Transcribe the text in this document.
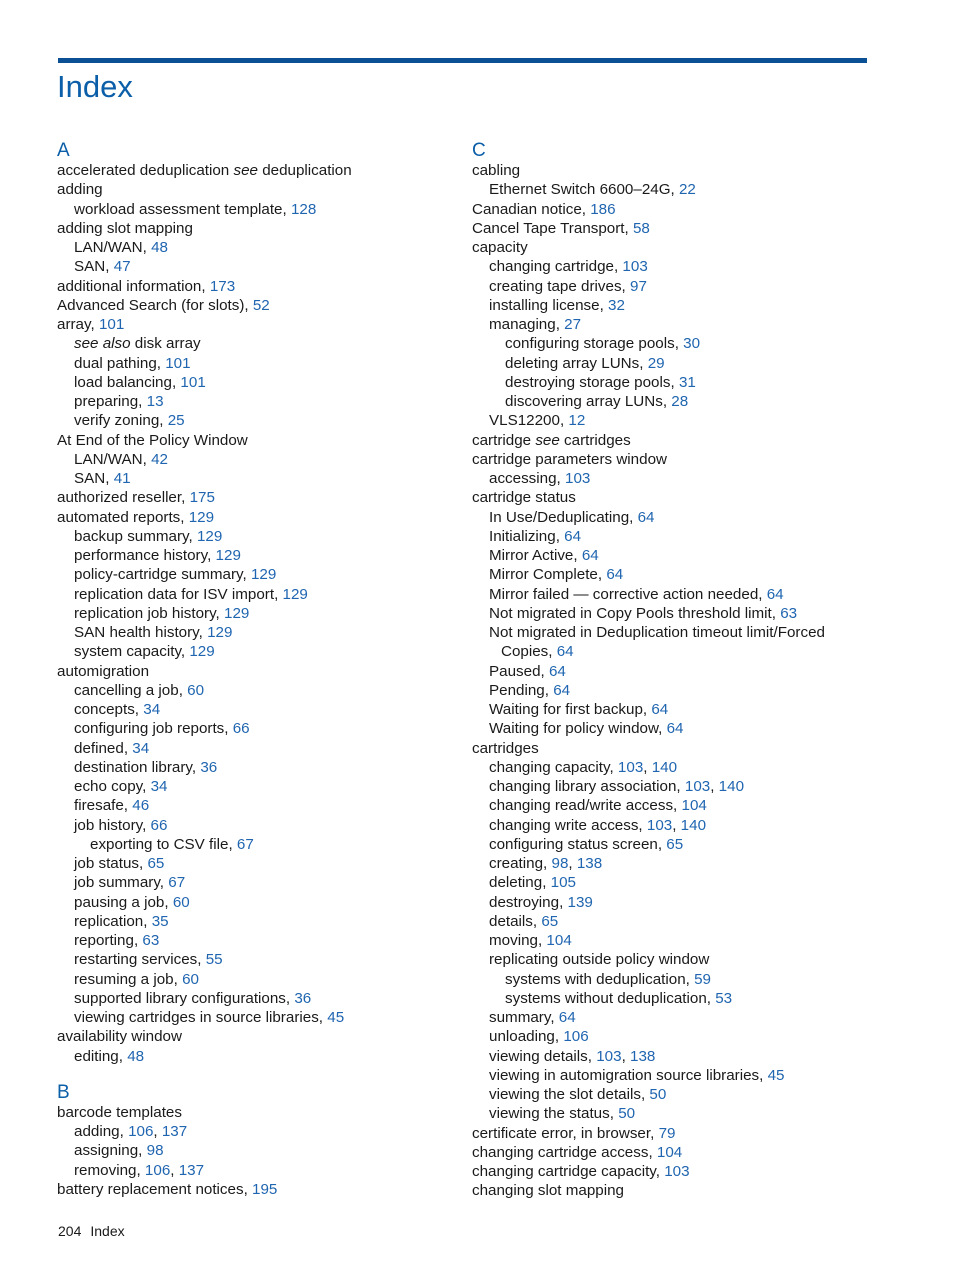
Index
A
accelerated deduplication see deduplication
adding
workload assessment template, 128
adding slot mapping
LAN/WAN, 48
SAN, 47
additional information, 173
Advanced Search (for slots), 52
array, 101
see also disk array
dual pathing, 101
load balancing, 101
preparing, 13
verify zoning, 25
At End of the Policy Window
LAN/WAN, 42
SAN, 41
authorized reseller, 175
automated reports, 129
backup summary, 129
performance history, 129
policy-cartridge summary, 129
replication data for ISV import, 129
replication job history, 129
SAN health history, 129
system capacity, 129
automigration
cancelling a job, 60
concepts, 34
configuring job reports, 66
defined, 34
destination library, 36
echo copy, 34
firesafe, 46
job history, 66
exporting to CSV file, 67
job status, 65
job summary, 67
pausing a job, 60
replication, 35
reporting, 63
restarting services, 55
resuming a job, 60
supported library configurations, 36
viewing cartridges in source libraries, 45
availability window
editing, 48
B
barcode templates
adding, 106, 137
assigning, 98
removing, 106, 137
battery replacement notices, 195
C
cabling
Ethernet Switch 6600–24G, 22
Canadian notice, 186
Cancel Tape Transport, 58
capacity
changing cartridge, 103
creating tape drives, 97
installing license, 32
managing, 27
configuring storage pools, 30
deleting array LUNs, 29
destroying storage pools, 31
discovering array LUNs, 28
VLS12200, 12
cartridge see cartridges
cartridge parameters window
accessing, 103
cartridge status
In Use/Deduplicating, 64
Initializing, 64
Mirror Active, 64
Mirror Complete, 64
Mirror failed — corrective action needed, 64
Not migrated in Copy Pools threshold limit, 63
Not migrated in Deduplication timeout limit/Forced
Copies, 64
Paused, 64
Pending, 64
Waiting for first backup, 64
Waiting for policy window, 64
cartridges
changing capacity, 103, 140
changing library association, 103, 140
changing read/write access, 104
changing write access, 103, 140
configuring status screen, 65
creating, 98, 138
deleting, 105
destroying, 139
details, 65
moving, 104
replicating outside policy window
systems with deduplication, 59
systems without deduplication, 53
summary, 64
unloading, 106
viewing details, 103, 138
viewing in automigration source libraries, 45
viewing the slot details, 50
viewing the status, 50
certificate error, in browser, 79
changing cartridge access, 104
changing cartridge capacity, 103
changing slot mapping
204 Index
